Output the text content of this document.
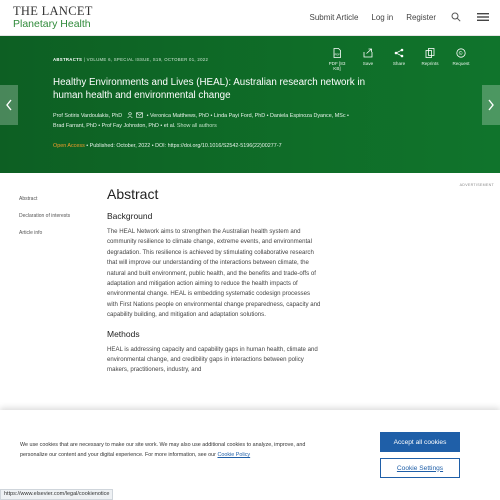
THE LANCET
Planetary Health
Submit Article Log in Register
ABSTRACTS | VOLUME 6, SPECIAL ISSUE, S19, OCTOBER 01, 2022
PDF
PDF [83 KB]
Save	Share	Reprints
©
Request
Healthy Environments and Lives (HEAL): Australian research network in human health and environmental change
Prof Sotiris Vardoulakis, PhD	• Veronica Matthews, PhD • Linda Payi Ford, PhD • Daniela Espinoza Dyance, MSc •
Brad Farrant, PhD • Prof Fay Johnston, PhD • et al. Show all authors
Open Access • Published: October, 2022 • DOI: https://doi.org/10.1016/S2542-5196(22)00277-7
Abstract
Declaration of interests
Article info
ADVERTISEMENT
Abstract
Background

The HEAL Network aims to strengthen the Australian health system and community resilience to climate change, extreme events, and environmental degradation. This resilience is achieved by stimulating collaborative research that will improve our understanding of the interactions between climate, the natural and built environment, public health, and the benefits and trade-offs of adaptation and mitigation action aiming to reduce the health impacts of environmental change. HEAL is embedding systematic codesign processes with First Nations people on environmental change preparedness, capacity and capability building, and mitigation and adaptation solutions.

Methods

HEAL is addressing capacity and capability gaps in human health, climate and environmental change, and credibility gaps in interactions between policy makers, practitioners, industry, and

We use cookies that are necessary to make our site work. We may also use additional cookies to analyze, improve, and personalize our content and your digital experience. For more information, see our Cookie Policy
Accept all cookies
Cookie Settings
https://www.elsevier.com/legal/cookienotice
